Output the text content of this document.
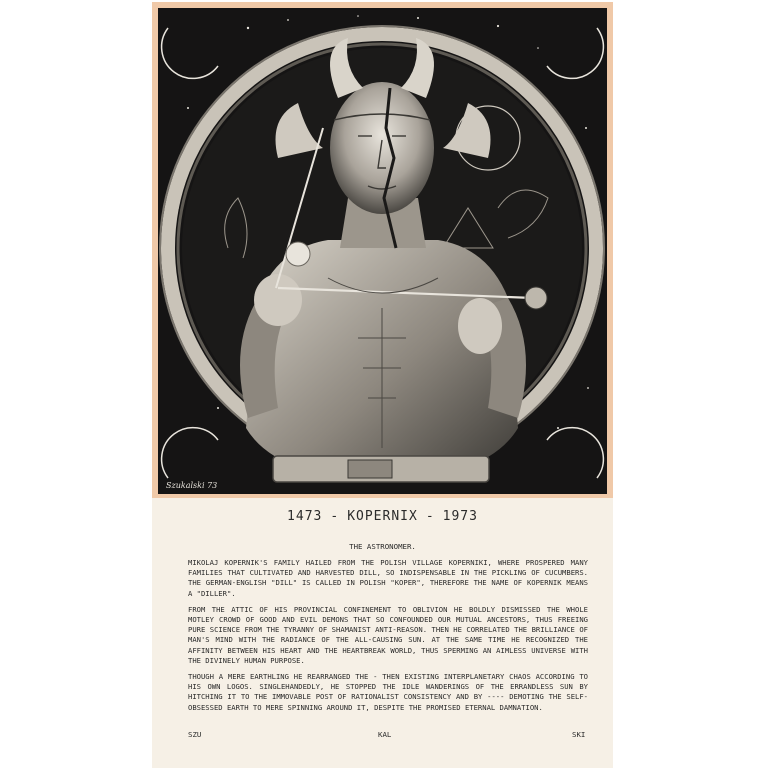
Szukalski 73
1473 - KOPERNIX - 1973
THE ASTRONOMER.

MIKOLAJ KOPERNIK'S FAMILY HAILED FROM THE POLISH VILLAGE KOPERNIKI, WHERE PROSPERED MANY FAMILIES THAT CULTIVATED AND HARVESTED DILL, SO INDISPENSABLE IN THE PICKLING OF CUCUMBERS. THE GERMAN-ENGLISH "DILL" IS CALLED IN POLISH "KOPER", THEREFORE THE NAME OF KOPERNIK MEANS A "DILLER".

FROM THE ATTIC OF HIS PROVINCIAL CONFINEMENT TO OBLIVION HE BOLDLY DISMISSED THE WHOLE MOTLEY CROWD OF GOOD AND EVIL DEMONS THAT SO CONFOUNDED OUR MUTUAL ANCESTORS, THUS FREEING PURE SCIENCE FROM THE TYRANNY OF SHAMANIST ANTI-REASON. THEN HE CORRELATED THE BRILLIANCE OF MAN'S MIND WITH THE RADIANCE OF THE ALL-CAUSING SUN. AT THE SAME TIME HE RECOGNIZED THE AFFINITY BETWEEN HIS HEART AND THE HEARTBREAK WORLD, THUS SPERMING AN AIMLESS UNIVERSE WITH THE DIVINELY HUMAN PURPOSE.

THOUGH A MERE EARTHLING HE REARRANGED THE - THEN EXISTING INTERPLANETARY CHAOS ACCORDING TO HIS OWN LOGOS. SINGLEHANDEDLY, HE STOPPED THE IDLE WANDERINGS OF THE ERRANDLESS SUN BY HITCHING IT TO THE IMMOVABLE POST OF RATIONALIST CONSISTENCY AND BY ---- DEMOTING THE SELF-OBSESSED EARTH TO MERE SPINNING AROUND IT, DESPITE THE PROMISED ETERNAL DAMNATION.

SZU	KAL	SKI
